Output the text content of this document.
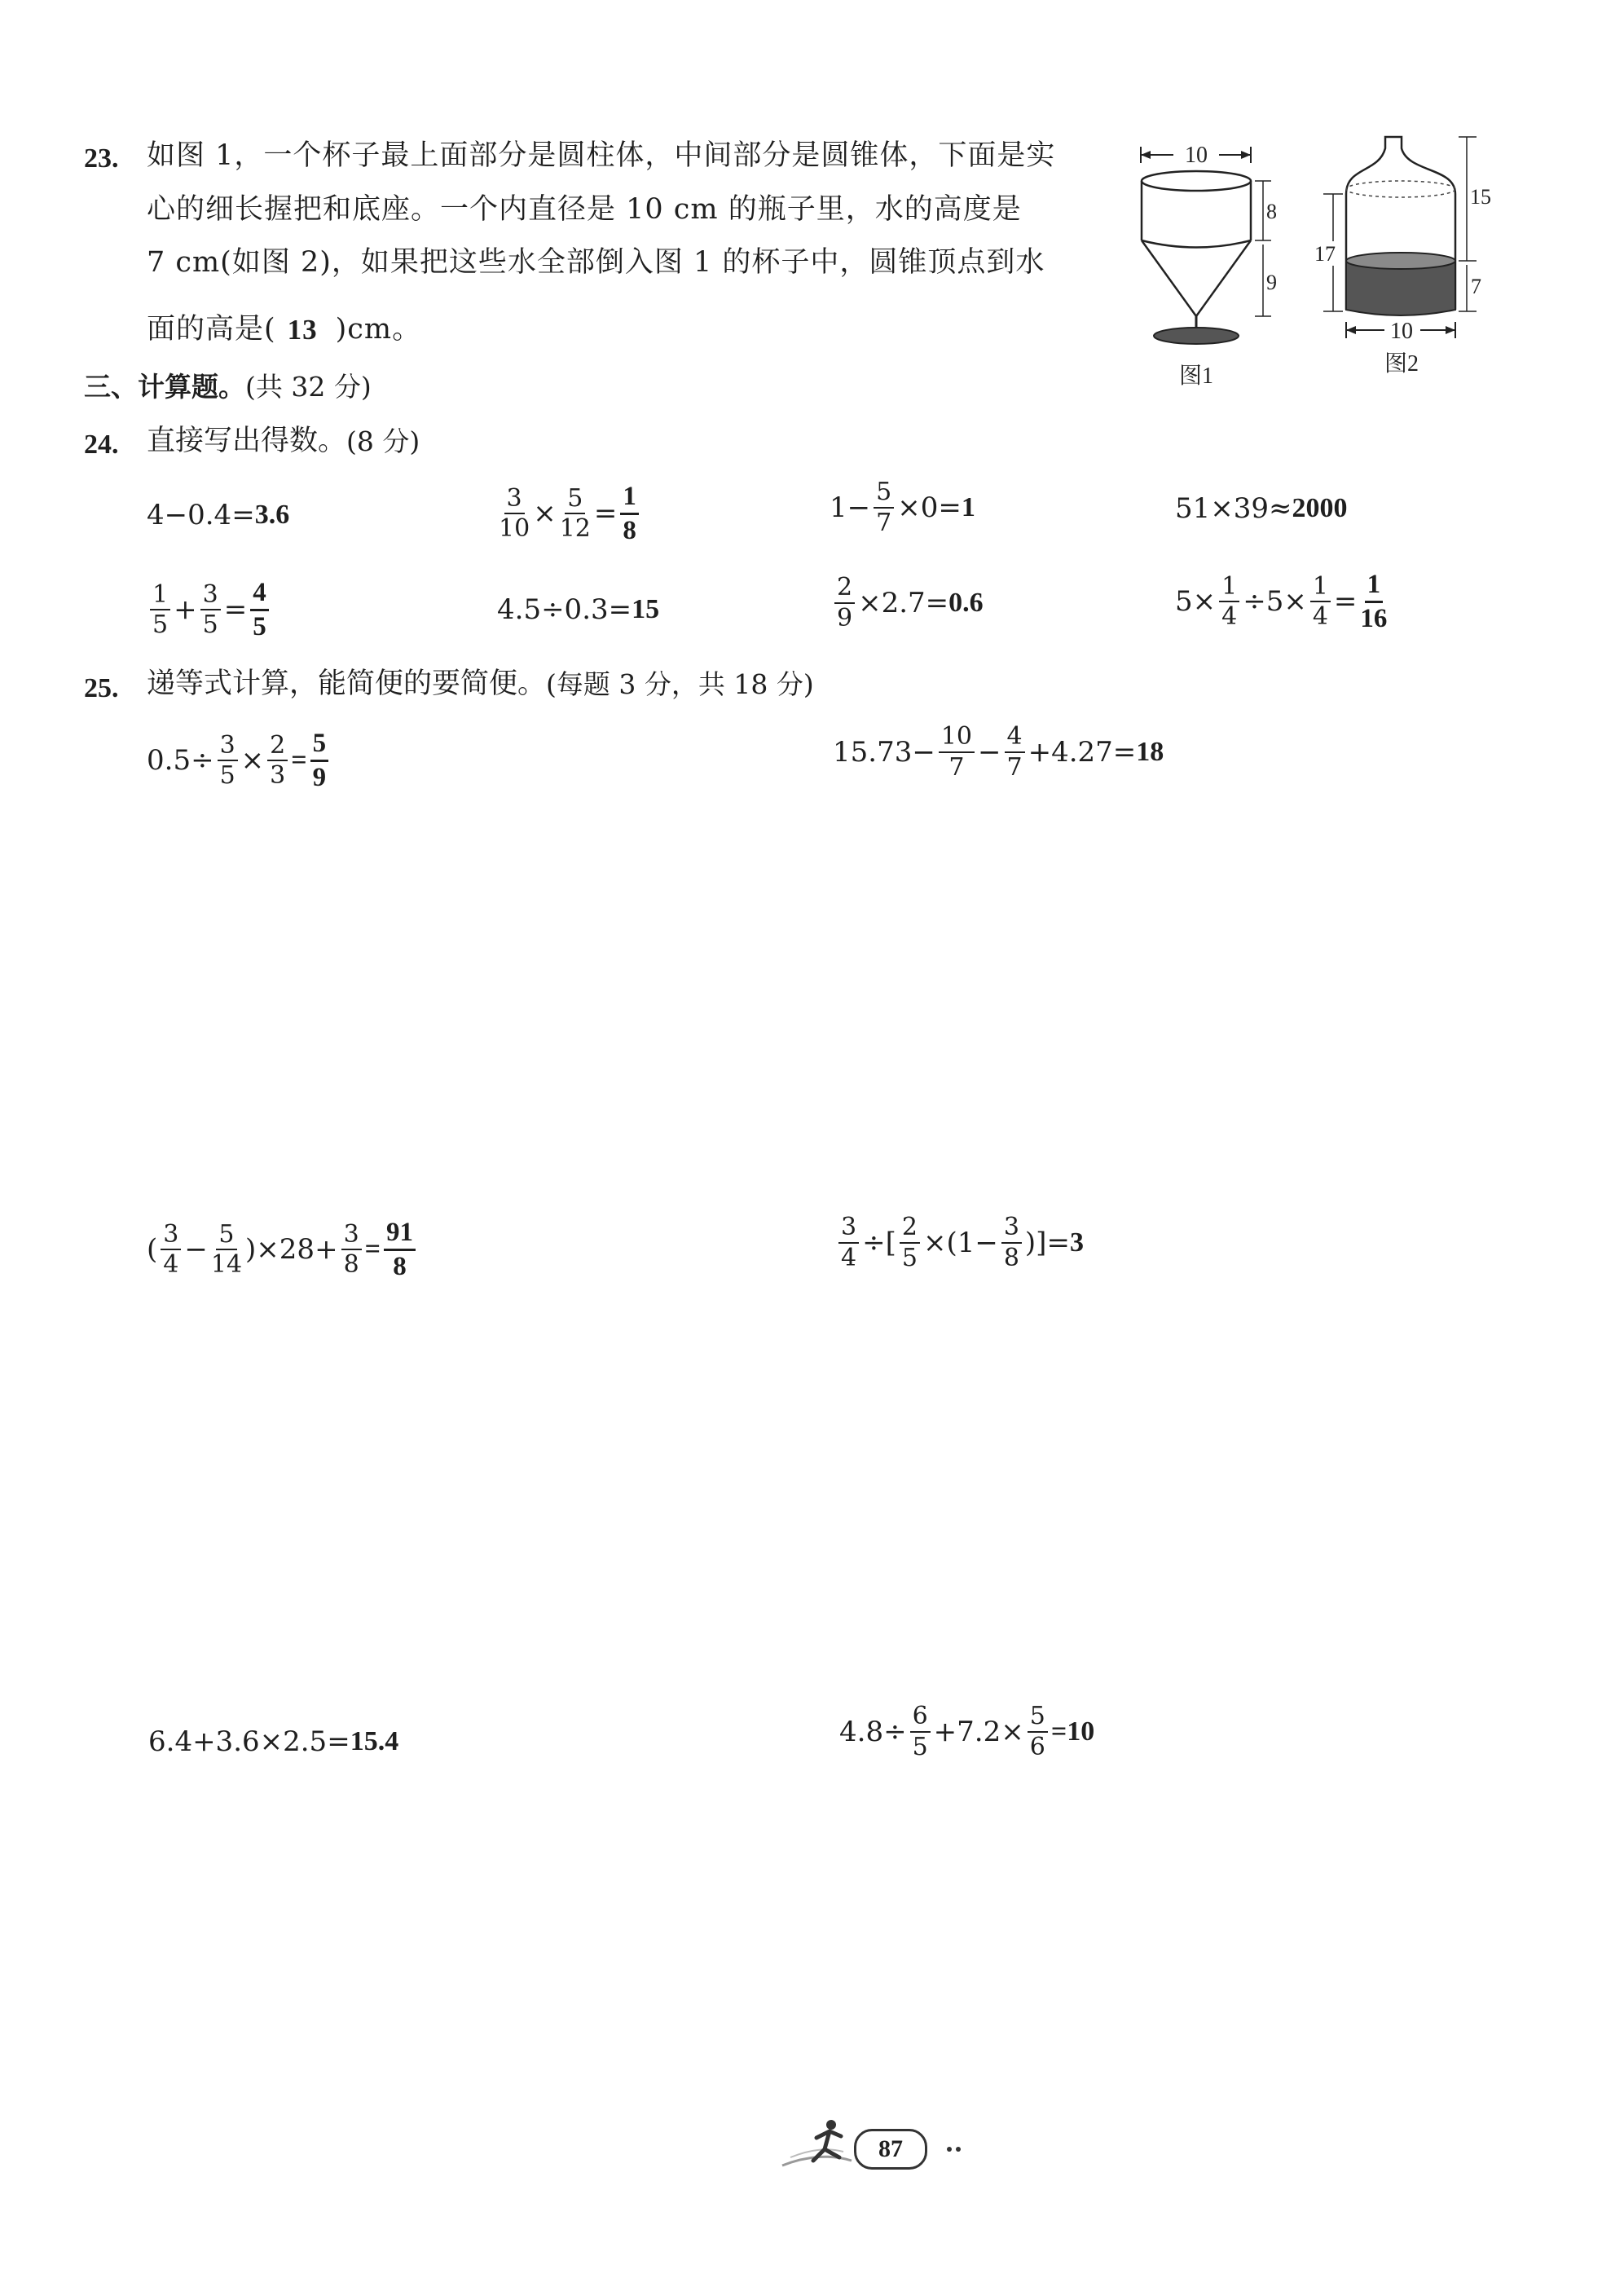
23. 如图 1，一个杯子最上面部分是圆柱体，中间部分是圆锥体，下面是实
心的细长握把和底座。一个内直径是 10 cm 的瓶子里，水的高度是
7 cm(如图 2)，如果把这些水全部倒入图 1 的杯子中，圆锥顶点到水
面的高是( 13 )cm。
10
8
9
图1
15
7
17
10
图2
三、计算题。 (共 32 分)
24. 直接写出得数。 (8 分)
4−0.4= 3.6	$\frac{3}{10} \times \frac{5}{12} = \frac{1}{8}$	$1- \frac{5}{7} \times 0= 1$	51×39≈ 2000
$\frac{1}{5} + \frac{3}{5} = \frac{4}{5}$	4.5÷0.3= 15	$\frac{2}{9} \times 2.7= 0.6$	$5\times \frac{1}{4} \div 5\times \frac{1}{4} = \frac{1}{16}$
25. 递等式计算，能简便的要简便。 (每题 3 分，共 18 分)
$0.5\div \frac{3}{5} \times \frac{2}{3} = \frac{5}{9}$	$15.73- \frac{10}{7} - \frac{4}{7} +4.27= 18$
( $\frac{3}{4} - \frac{5}{14} )\times 28+ \frac{3}{8} = \frac{91}{8}$	$\frac{3}{4}$ ÷[ $\frac{2}{5} \times(1- \frac{3}{8}$ )]= 3
6.4+3.6×2.5= 15.4	$4.8\div \frac{6}{5} +7.2\times \frac{5}{6} = 10$
87
